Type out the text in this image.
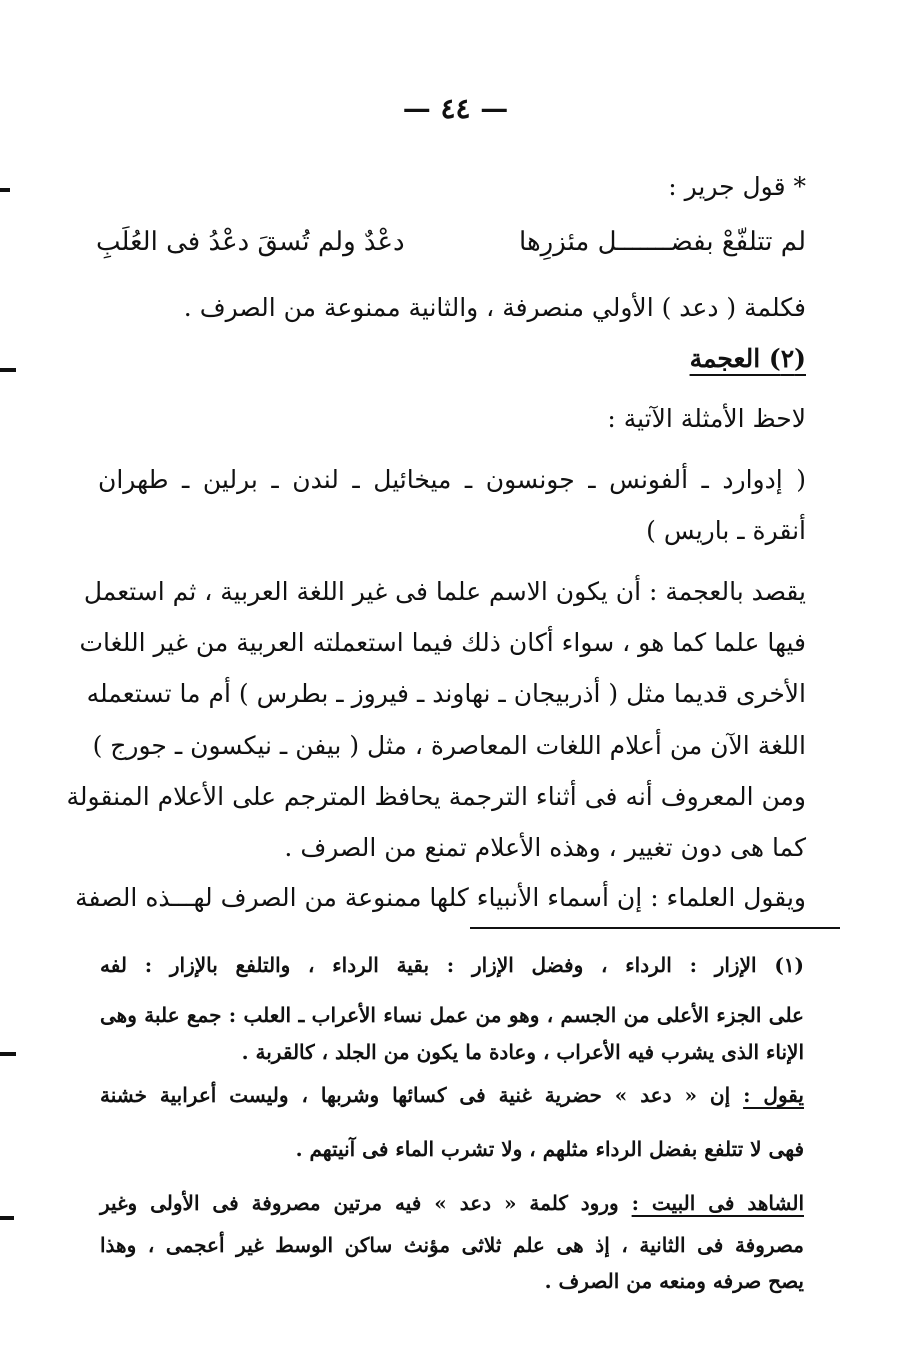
— ٤٤ —
* قول جرير :
لم تتلفّعْ بفضـــــــل مئزرِها
دعْدٌ ولم تُسقَ دعْدُ فى العُلَبِ
فكلمة ( دعد ) الأولي منصرفة ، والثانية ممنوعة من الصرف .
(٢) العجمة
لاحظ الأمثلة الآتية :
( إدوارد ـ ألفونس ـ جونسون ـ ميخائيل ـ لندن ـ برلين ـ طهران
أنقرة ـ باريس )
يقصد بالعجمة : أن يكون الاسم علما فى غير اللغة العربية ، ثم استعمل
فيها علما كما هو ، سواء أكان ذلك فيما استعملته العربية من غير اللغات
الأخرى قديما مثل ( أذربيجان ـ نهاوند ـ فيروز ـ بطرس ) أم ما تستعمله
اللغة الآن من أعلام اللغات المعاصرة ، مثل ( بيفن ـ نيكسون ـ جورج )
ومن المعروف أنه فى أثناء الترجمة يحافظ المترجم على الأعلام المنقولة
كما هى دون تغيير ، وهذه الأعلام تمنع من الصرف .
ويقول العلماء : إن أسماء الأنبياء كلها ممنوعة من الصرف لهـــذه الصفة
(١) الإزار : الرداء ، وفضل الإزار : بقية الرداء ، والتلفع بالإزار : لفه
على الجزء الأعلى من الجسم ، وهو من عمل نساء الأعراب ـ العلب : جمع علبة وهى
الإناء الذى يشرب فيه الأعراب ، وعادة ما يكون من الجلد ، كالقربة .
يقول : إن « دعد » حضرية غنية فى كسائها وشربها ، وليست أعرابية خشنة
فهى لا تتلفع بفضل الرداء مثلهم ، ولا تشرب الماء فى آنيتهم .
الشاهد فى البيت : ورود كلمة « دعد » فيه مرتين مصروفة فى الأولى وغير
مصروفة فى الثانية ، إذ هى علم ثلاثى مؤنث ساكن الوسط غير أعجمى ، وهذا
يصح صرفه ومنعه من الصرف .
